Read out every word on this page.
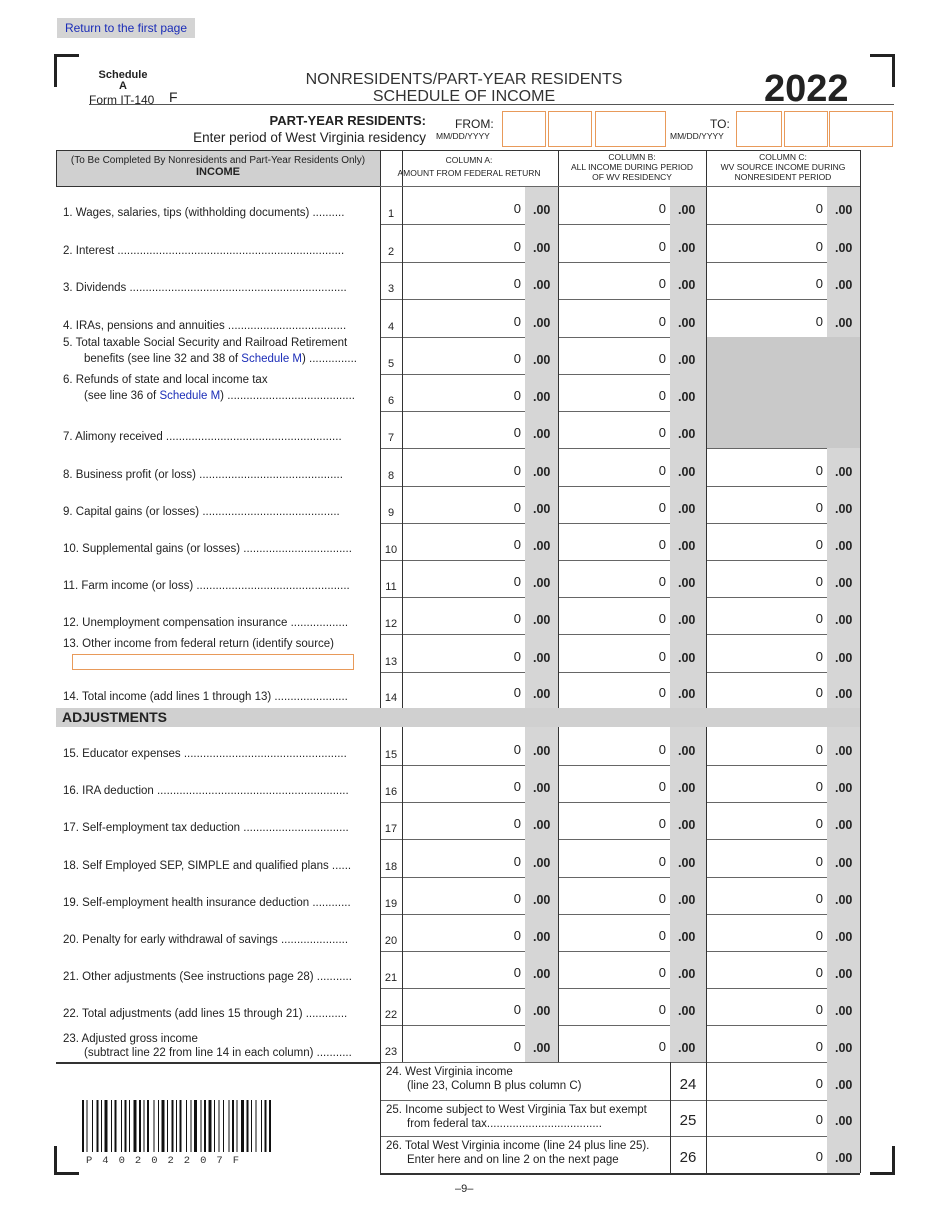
Return to the first page
Schedule
A
Form IT-140 F
NONRESIDENTS/PART-YEAR RESIDENTS
SCHEDULE OF INCOME	2022
PART-YEAR RESIDENTS:
Enter period of West Virginia residency
FROM:
MM/DD/YYYY
TO:
MM/DD/YYYY
(To Be Completed By Nonresidents and Part-Year Residents Only)
INCOME
COLUMN A:
AMOUNT FROM FEDERAL RETURN
COLUMN B:
ALL INCOME DURING PERIOD
OF WV RESIDENCY
COLUMN C:
WV SOURCE INCOME DURING
NONRESIDENT PERIOD
1. Wages, salaries, tips (withholding documents) ..........	1	0 .00	0 .00	0 .00
2. Interest .......................................................................	2	0 .00	0 .00	0 .00
3. Dividends ....................................................................	3	0 .00	0 .00	0 .00
4. IRAs, pensions and annuities .....................................	4	0 .00	0 .00	0 .00
5. Total taxable Social Security and Railroad Retirement
benefits (see line 32 and 38 of Schedule M) ...............	5	0 .00	0 .00
6. Refunds of state and local income tax
(see line 36 of Schedule M) ........................................	6	0 .00	0 .00
7. Alimony received .......................................................	7	0 .00	0 .00
8. Business profit (or loss) .............................................	8	0 .00	0 .00	0 .00
9. Capital gains (or losses) ...........................................	9	0 .00	0 .00	0 .00
10. Supplemental gains (or losses) ..................................	10	0 .00	0 .00	0 .00
11. Farm income (or loss) ................................................	11	0 .00	0 .00	0 .00
12. Unemployment compensation insurance ..................	12	0 .00	0 .00	0 .00
13. Other income from federal return (identify source)
13	0 .00	0 .00	0 .00
14. Total income (add lines 1 through 13) .......................	14	0 .00	0 .00	0 .00
15. Educator expenses ...................................................	15	0 .00	0 .00	0 .00
16. IRA deduction ............................................................	16	0 .00	0 .00	0 .00
17. Self-employment tax deduction .................................	17	0 .00	0 .00	0 .00
18. Self Employed SEP, SIMPLE and qualified plans ......	18	0 .00	0 .00	0 .00
19. Self-employment health insurance deduction ............	19	0 .00	0 .00	0 .00
20. Penalty for early withdrawal of savings .....................	20	0 .00	0 .00	0 .00
21. Other adjustments (See instructions page 28) ...........	21	0 .00	0 .00	0 .00
22. Total adjustments (add lines 15 through 21) .............	22	0 .00	0 .00	0 .00
23. Adjusted gross income
(subtract line 22 from line 14 in each column) ...........	23	0 .00	0 .00	0 .00
24. West Virginia income
(line 23, Column B plus column C)	24	0 .00
25. Income subject to West Virginia Tax but exempt
from federal tax....................................	25	0 .00
26. Total West Virginia income (line 24 plus line 25).
Enter here and on line 2 on the next page	26	0 .00
ADJUSTMENTS
P40202207F
–9–
